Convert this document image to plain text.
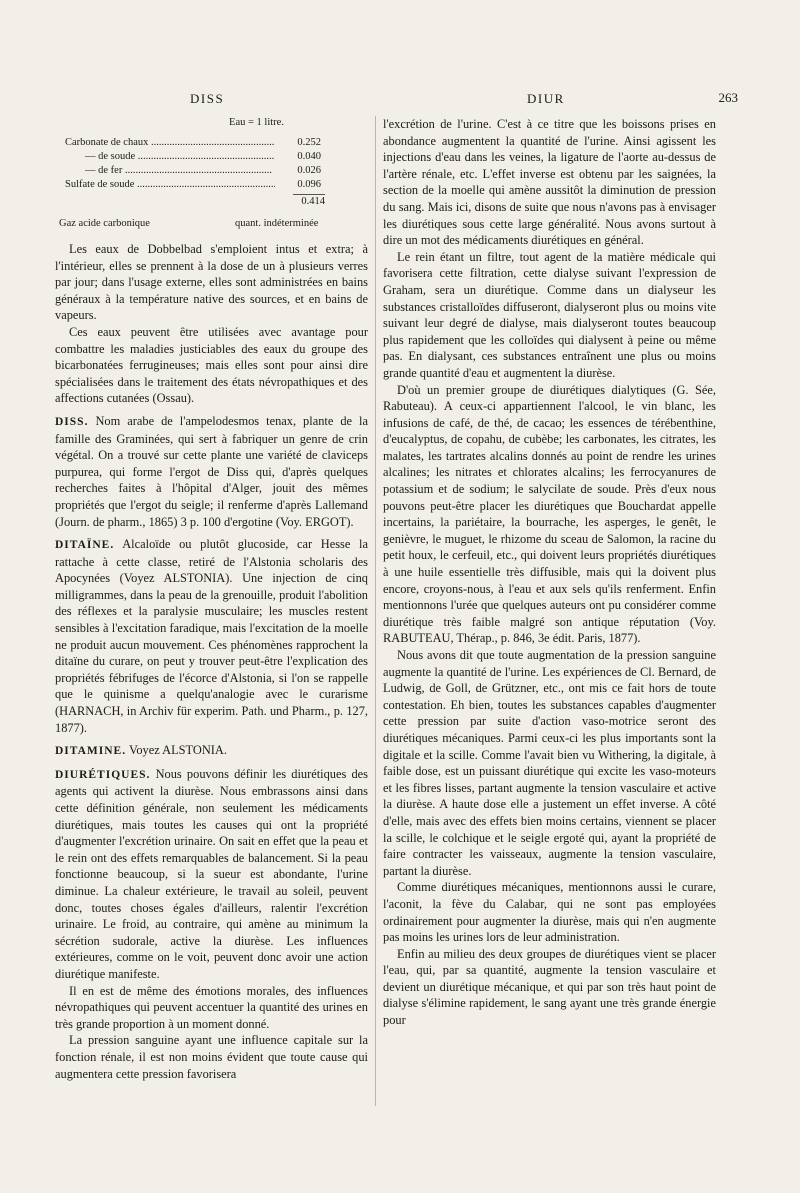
DISS	DIUR	263
Eau = 1 litre.
Carbonate de chaux .....	0.252
— de soude .....	0.040
— de fer .....	0.026
Sulfate de soude .....	0.096
0.414
Gaz acide carbonique	quant. indéterminée

Les eaux de Dobbelbad s'emploient intus et extra; à l'intérieur, elles se prennent à la dose de un à plusieurs verres par jour; dans l'usage externe, elles sont administrées en bains généraux à la température native des sources, et en bains de vapeurs.

Ces eaux peuvent être utilisées avec avantage pour combattre les maladies justiciables des eaux du groupe des bicarbonatées ferrugineuses; mais elles sont pour ainsi dire spécialisées dans le traitement des états névropathiques et des affections cutanées (Ossau).

DISS. Nom arabe de l'ampelodesmos tenax, plante de la famille des Graminées, qui sert à fabriquer un genre de crin végétal. On a trouvé sur cette plante une variété de claviceps purpurea, qui forme l'ergot de Diss qui, d'après quelques recherches faites à l'hôpital d'Alger, jouit des mêmes propriétés que l'ergot du seigle; il renferme d'après Lallemand (Journ. de pharm., 1865) 3 p. 100 d'ergotine (Voy. ERGOT).

DITAÏNE. Alcaloïde ou plutôt glucoside, car Hesse la rattache à cette classe, retiré de l'Alstonia scholaris des Apocynées (Voyez ALSTONIA). Une injection de cinq milligrammes, dans la peau de la grenouille, produit l'abolition des réflexes et la paralysie musculaire; les muscles restent sensibles à l'excitation faradique, mais l'excitation de la moelle ne produit aucun mouvement. Ces phénomènes rapprochent la ditaïne du curare, on peut y trouver peut-être l'explication des propriétés fébrifuges de l'écorce d'Alstonia, si l'on se rappelle que le quinisme a quelqu'analogie avec le curarisme (HARNACH, in Archiv für experim. Path. und Pharm., p. 127, 1877).

DITAMINE. Voyez ALSTONIA.

DIURÉTIQUES. Nous pouvons définir les diurétiques des agents qui activent la diurèse. Nous embrassons ainsi dans cette définition générale, non seulement les médicaments diurétiques, mais toutes les causes qui ont la propriété d'augmenter l'excrétion urinaire. On sait en effet que la peau et le rein ont des effets remarquables de balancement. Si la peau fonctionne beaucoup, si la sueur est abondante, l'urine diminue. La chaleur extérieure, le travail au soleil, peuvent donc, toutes choses égales d'ailleurs, ralentir l'excrétion urinaire. Le froid, au contraire, qui amène au minimum la sécrétion sudorale, active la diurèse. Les influences extérieures, comme on le voit, peuvent donc avoir une action diurétique manifeste.

Il en est de même des émotions morales, des influences névropathiques qui peuvent accentuer la quantité des urines en très grande proportion à un moment donné.

La pression sanguine ayant une influence capitale sur la fonction rénale, il est non moins évident que toute cause qui augmentera cette pression favorisera

l'excrétion de l'urine. C'est à ce titre que les boissons prises en abondance augmentent la quantité de l'urine. Ainsi agissent les injections d'eau dans les veines, la ligature de l'aorte au-dessus de l'artère rénale, etc. L'effet inverse est obtenu par les saignées, la section de la moelle qui amène aussitôt la diminution de pression du sang. Mais ici, disons de suite que nous n'avons pas à envisager les diurétiques sous cette large généralité. Nous avons surtout à dire un mot des médicaments diurétiques en général.

Le rein étant un filtre, tout agent de la matière médicale qui favorisera cette filtration, cette dialyse suivant l'expression de Graham, sera un diurétique. Comme dans un dialyseur les substances cristalloïdes diffuseront, dialyseront plus ou moins vite suivant leur degré de dialyse, mais dialyseront toutes beaucoup plus rapidement que les colloïdes qui dialysent à peine ou même pas. En dialysant, ces substances entraînent une plus ou moins grande quantité d'eau et augmentent la diurèse.

D'où un premier groupe de diurétiques dialytiques (G. Sée, Rabuteau). A ceux-ci appartiennent l'alcool, le vin blanc, les infusions de café, de thé, de cacao; les essences de térébenthine, d'eucalyptus, de copahu, de cubèbe; les carbonates, les citrates, les malates, les tartrates alcalins donnés au point de rendre les urines alcalines; les nitrates et chlorates alcalins; les ferrocyanures de potassium et de sodium; le salycilate de soude. Près d'eux nous pouvons peut-être placer les diurétiques que Bouchardat appelle incertains, la pariétaire, la bourrache, les asperges, le genêt, le genièvre, le muguet, le rhizome du sceau de Salomon, la racine du petit houx, le cerfeuil, etc., qui doivent leurs propriétés diurétiques à une huile essentielle très diffusible, mais qui la doivent plus encore, croyons-nous, à l'eau et aux sels qu'ils renferment. Enfin mentionnons l'urée que quelques auteurs ont pu considérer comme diurétique très faible malgré son antique réputation (Voy. RABUTEAU, Thérap., p. 846, 3e édit. Paris, 1877).

Nous avons dit que toute augmentation de la pression sanguine augmente la quantité de l'urine. Les expériences de Cl. Bernard, de Ludwig, de Goll, de Grützner, etc., ont mis ce fait hors de toute contestation. Eh bien, toutes les substances capables d'augmenter cette pression par suite d'action vaso-motrice seront des diurétiques mécaniques. Parmi ceux-ci les plus importants sont la digitale et la scille. Comme l'avait bien vu Withering, la digitale, à faible dose, est un puissant diurétique qui excite les vaso-moteurs et les fibres lisses, partant augmente la tension vasculaire et active la diurèse. A haute dose elle a justement un effet inverse. A côté d'elle, mais avec des effets bien moins certains, viennent se placer la scille, le colchique et le seigle ergoté qui, ayant la propriété de faire contracter les vaisseaux, augmente la tension vasculaire, partant la diurèse.

Comme diurétiques mécaniques, mentionnons aussi le curare, l'aconit, la fève du Calabar, qui ne sont pas employées ordinairement pour augmenter la diurèse, mais qui n'en augmente pas moins les urines lors de leur administration.

Enfin au milieu des deux groupes de diurétiques vient se placer l'eau, qui, par sa quantité, augmente la tension vasculaire et devient un diurétique mécanique, et qui par son très haut point de dialyse s'élimine rapidement, le sang ayant une très grande énergie pour
